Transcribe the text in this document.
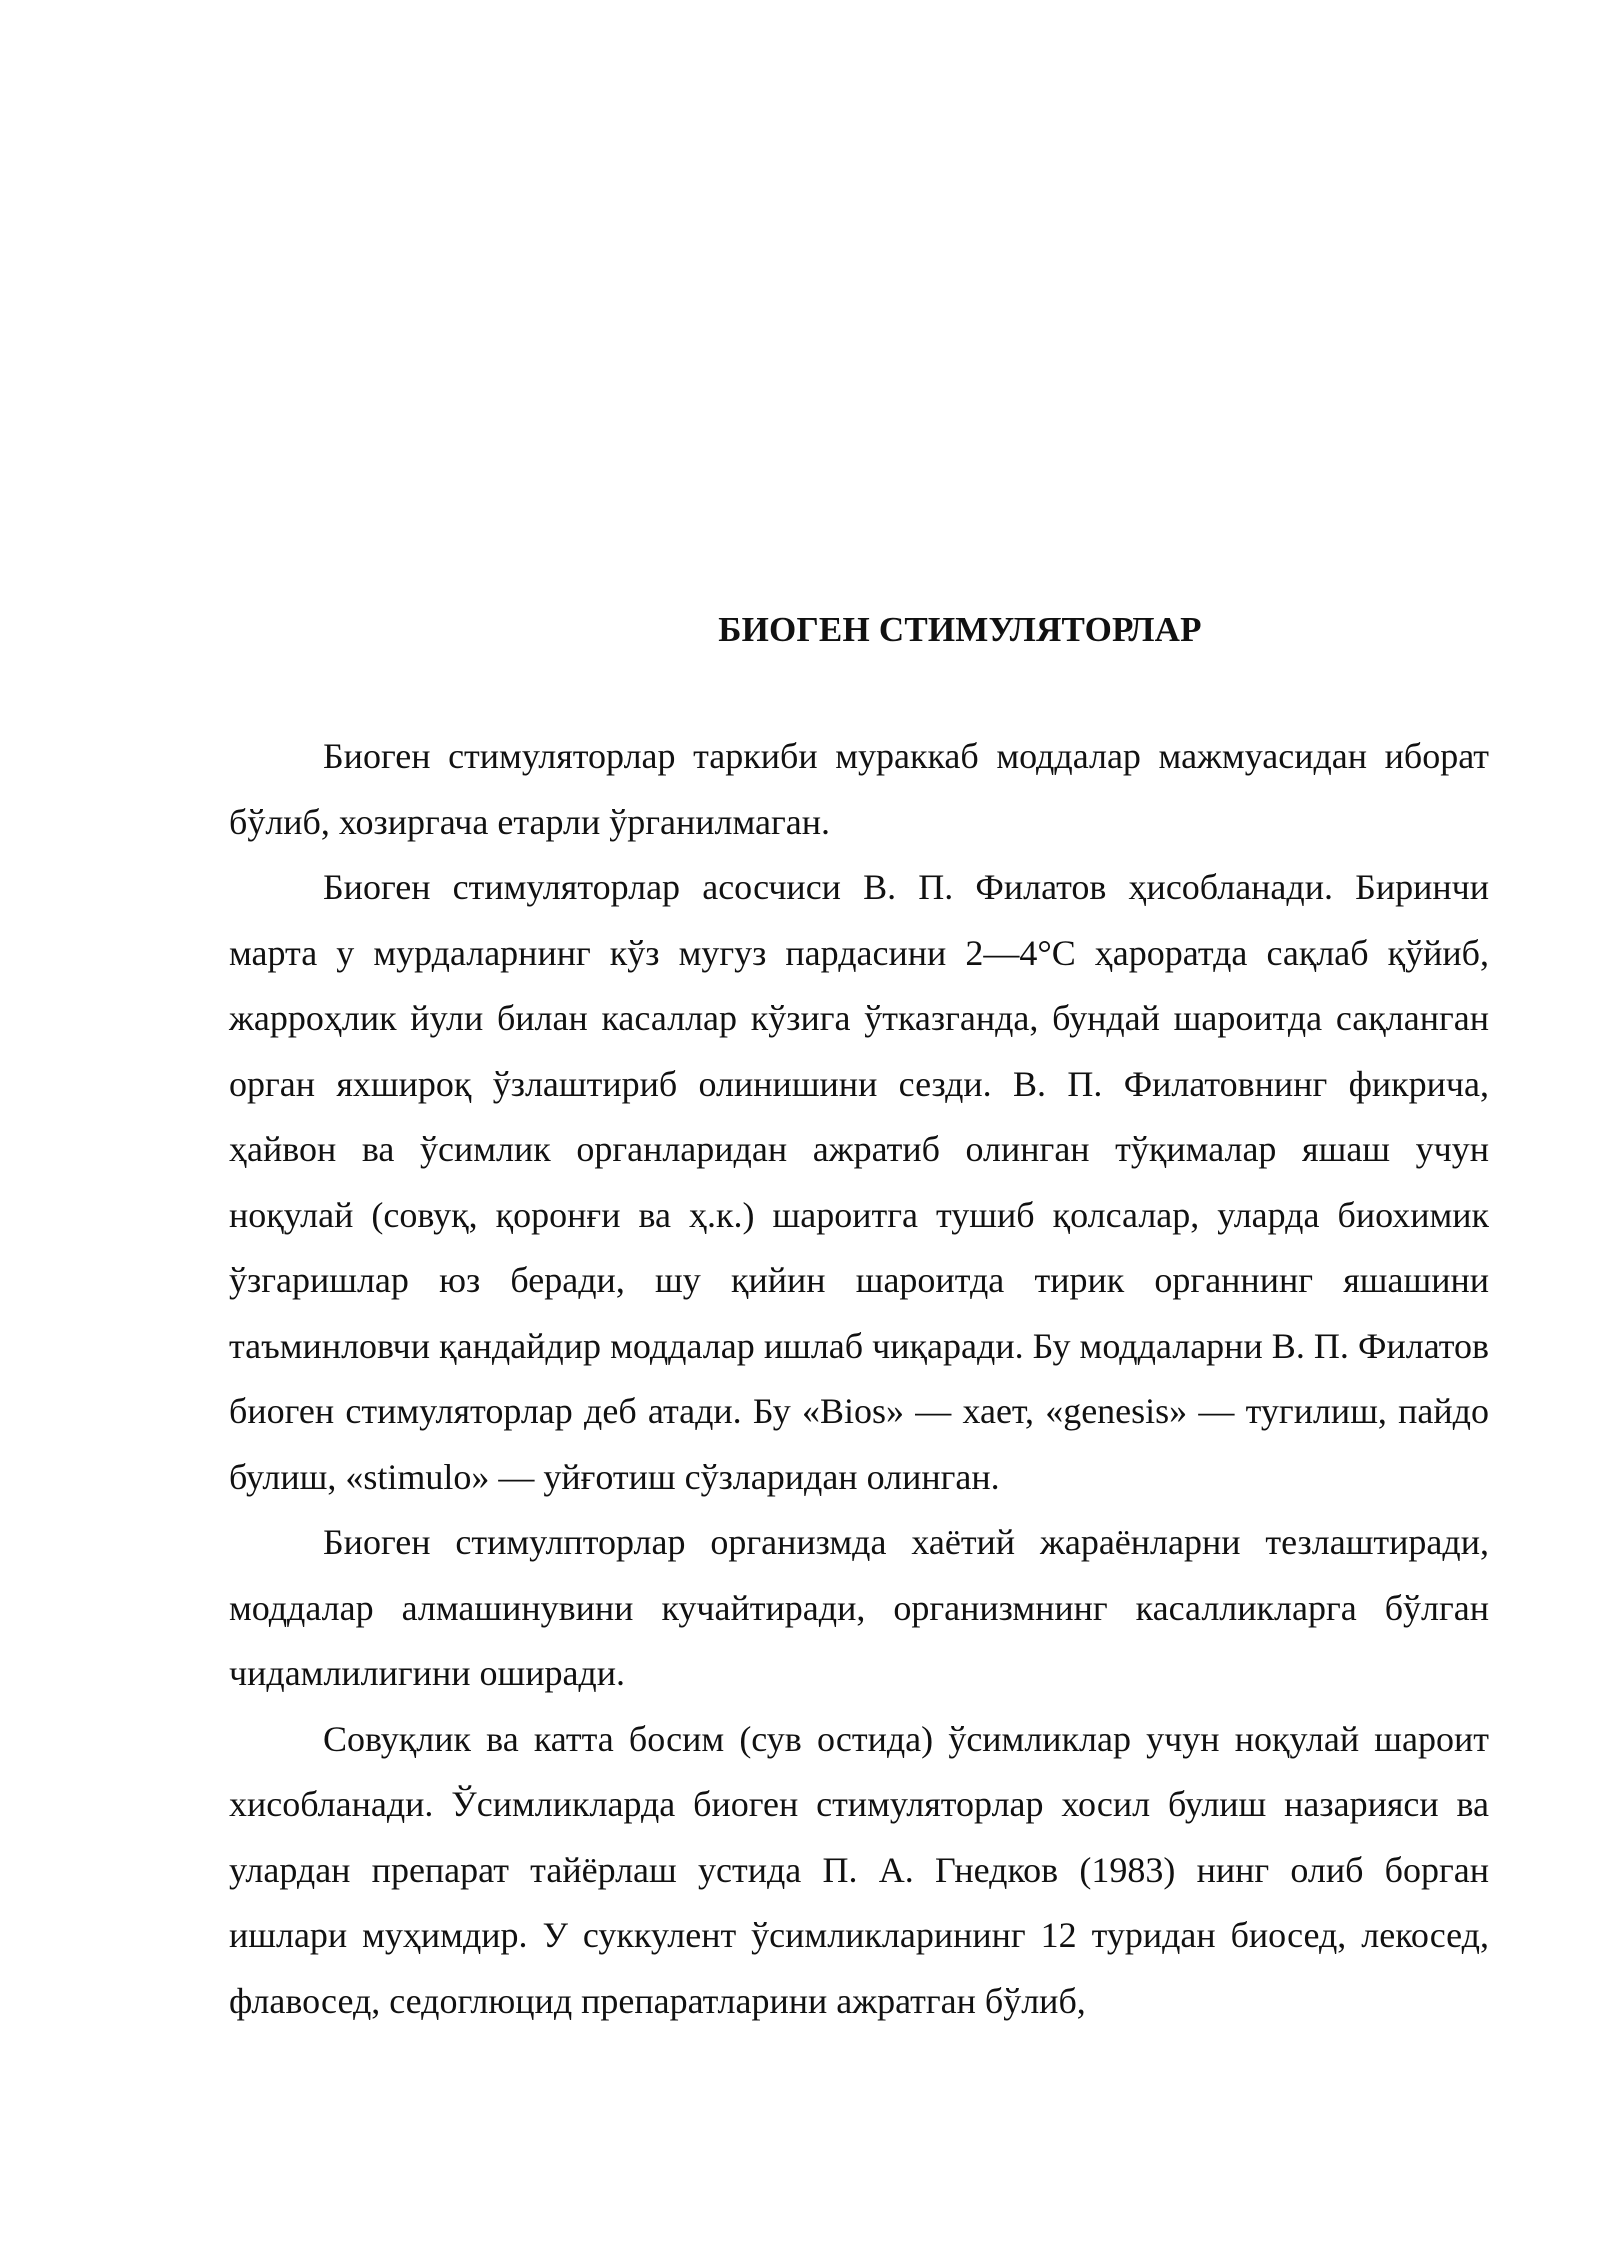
БИОГЕН СТИМУЛЯТОРЛАР

Биоген стимуляторлар таркиби мураккаб моддалар мажмуасидан иборат бўлиб, хозиргача етарли ўрганилмаган.

Биоген стимуляторлар асосчиси В. П. Филатов ҳисобланади. Биринчи марта у мурдаларнинг кўз мугуз пардасини 2—4°С ҳароратда сақлаб қўйиб, жарроҳлик йули билан касаллар кўзига ўтказганда, бундай шароитда сақланган орган яхшироқ ўзлаштириб олинишини сезди. В. П. Филатовнинг фикрича, ҳайвон ва ўсимлик органларидан ажратиб олинган тўқималар яшаш учун ноқулай (совуқ, қоронғи ва ҳ.к.) шароитга тушиб қолсалар, уларда биохимик ўзгаришлар юз беради, шу қийин шароитда тирик органнинг яшашини таъминловчи қандайдир моддалар ишлаб чиқаради. Бу моддаларни В. П. Филатов биоген стимуляторлар деб атади. Бу «Bios» — хает, «genesis» — тугилиш, пайдо булиш, «stimulo» — уйғотиш сўзларидан олинган.

Биоген стимулпторлар организмда хаётий жараёнларни тезлаштиради, моддалар алмашинувини кучайтиради, организмнинг касалликларга бўлган чидамлилигини оширади.

Совуқлик ва катта босим (сув остида) ўсимликлар учун ноқулай шароит хисобланади. Ўсимликларда биоген стимуляторлар хосил булиш назарияси ва улардан препарат тайёрлаш устида П. А. Гнедков (1983) нинг олиб борган ишлари муҳимдир. У суккулент ўсимликларининг 12 туридан биосед, лекосед, флавосед, седоглюцид препаратларини ажратган бўлиб,
